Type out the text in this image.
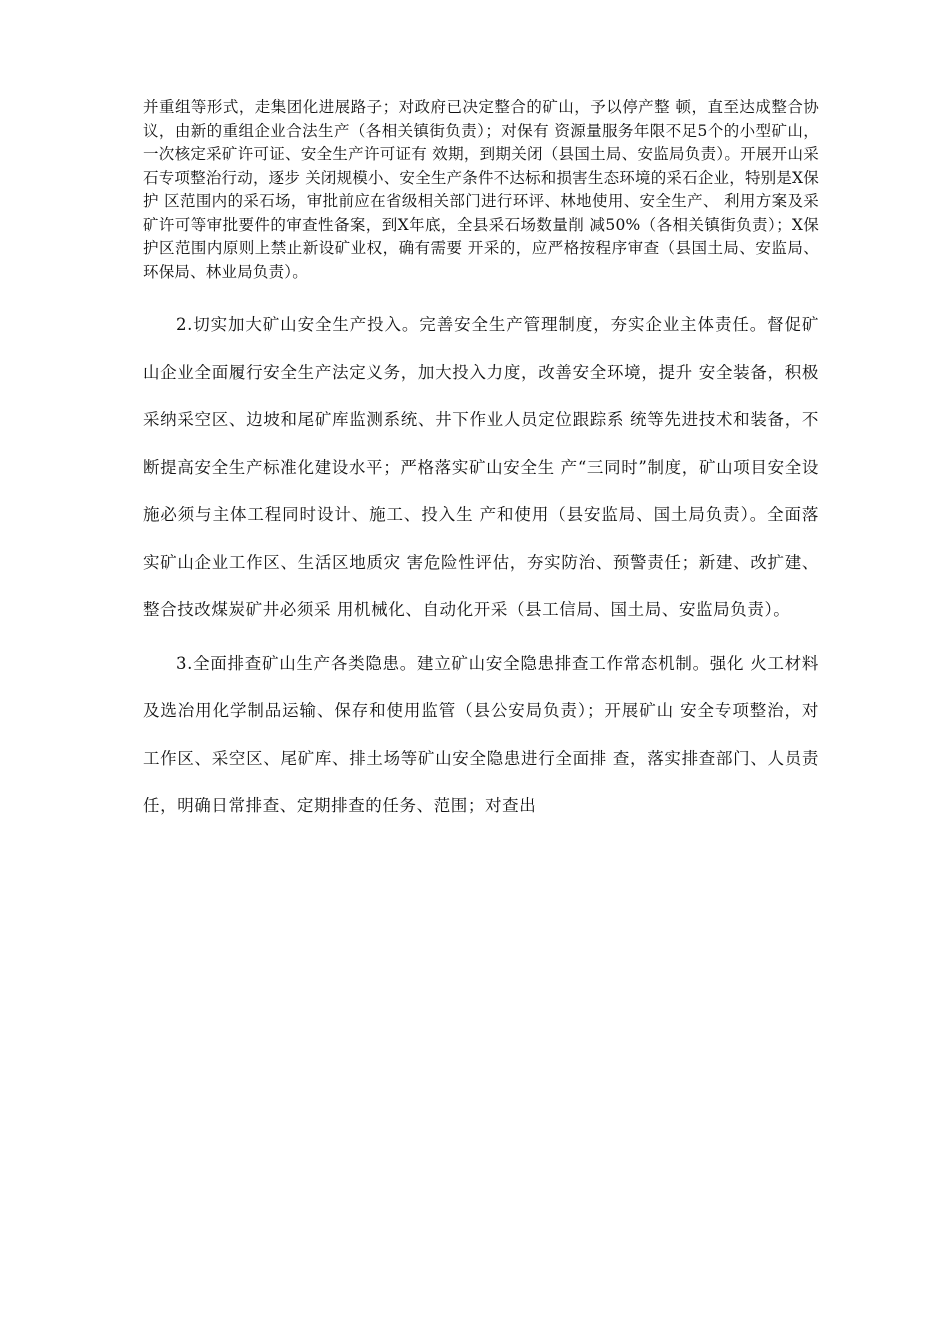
并重组等形式，走集团化进展路子；对政府已决定整合的矿山，予以停产整 顿，直至达成整合协议，由新的重组企业合法生产（各相关镇街负责）；对保有 资源量服务年限不足5个的小型矿山，一次核定采矿许可证、安全生产许可证有 效期，到期关闭（县国土局、安监局负责）。开展开山采石专项整治行动，逐步 关闭规模小、安全生产条件不达标和损害生态环境的采石企业，特别是X保护 区范围内的采石场，审批前应在省级相关部门进行环评、林地使用、安全生产、 利用方案及采矿许可等审批要件的审查性备案，到X年底，全县采石场数量削 减50%（各相关镇街负责）；X保护区范围内原则上禁止新设矿业权，确有需要 开采的，应严格按程序审查（县国土局、安监局、环保局、林业局负责）。

2.切实加大矿山安全生产投入。完善安全生产管理制度，夯实企业主体责任。督促矿山企业全面履行安全生产法定义务，加大投入力度，改善安全环境，提升 安全装备，积极采纳采空区、边坡和尾矿库监测系统、井下作业人员定位跟踪系 统等先进技术和装备，不断提高安全生产标准化建设水平；严格落实矿山安全生 产“三同时”制度，矿山项目安全设施必须与主体工程同时设计、施工、投入生 产和使用（县安监局、国土局负责）。全面落实矿山企业工作区、生活区地质灾 害危险性评估，夯实防治、预警责任；新建、改扩建、整合技改煤炭矿井必须采 用机械化、自动化开采（县工信局、国土局、安监局负责）。

3.全面排查矿山生产各类隐患。建立矿山安全隐患排查工作常态机制。强化 火工材料及选冶用化学制品运输、保存和使用监管（县公安局负责）；开展矿山 安全专项整治，对工作区、采空区、尾矿库、排土场等矿山安全隐患进行全面排 查，落实排查部门、人员责任，明确日常排查、定期排查的任务、范围；对查出
